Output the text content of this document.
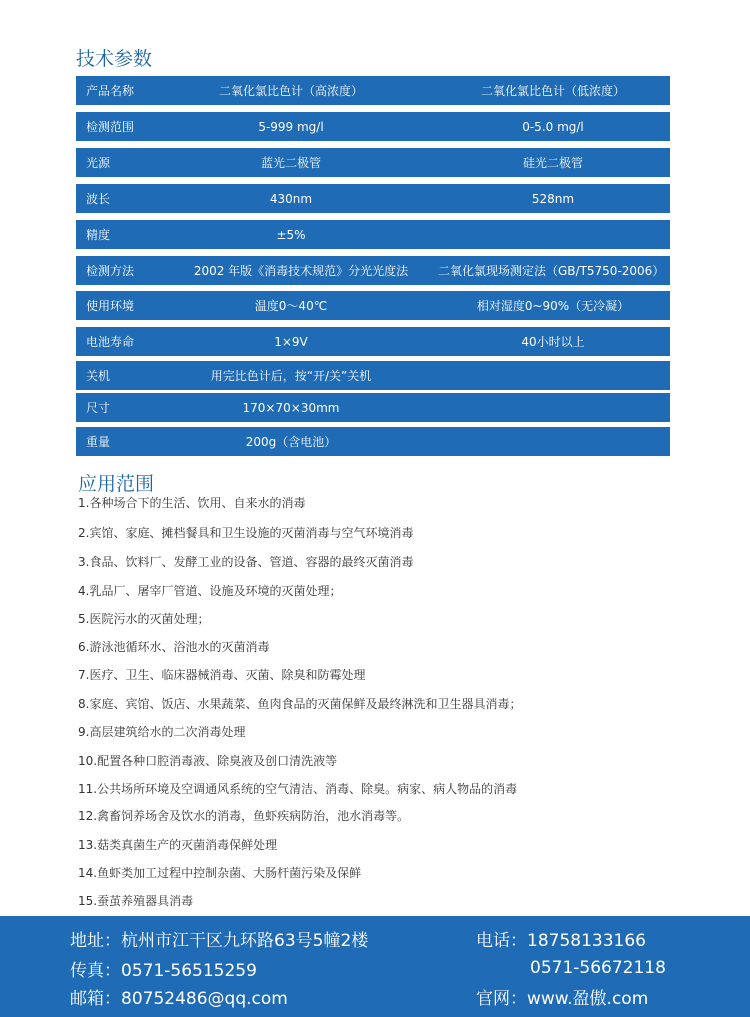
技术参数
产品名称	二氧化氯比色计（高浓度）	二氧化氯比色计（低浓度）
检测范围	5-999 mg/l	0-5.0 mg/l
光源	蓝光二极管	硅光二极管
波长	430nm	528nm
精度	±5%
检测方法	2002 年版《消毒技术规范》分光光度法	二氧化氯现场测定法（GB/T5750-2006）
使用环境	温度0～40℃	相对湿度0~90%（无冷凝）
电池寿命	1×9V	40小时以上
关机	用完比色计后，按“开/关”关机
尺寸	170×70×30mm
重量	200g（含电池）
应用范围
1.各种场合下的生活、饮用、自来水的消毒
2.宾馆、家庭、摊档餐具和卫生设施的灭菌消毒与空气环境消毒
3.食品、饮料厂、发酵工业的设备、管道、容器的最终灭菌消毒
4.乳品厂、屠宰厂管道、设施及环境的灭菌处理；
5.医院污水的灭菌处理；
6.游泳池循环水、浴池水的灭菌消毒
7.医疗、卫生、临床器械消毒、灭菌、除臭和防霉处理
8.家庭、宾馆、饭店、水果蔬菜、鱼肉食品的灭菌保鲜及最终淋洗和卫生器具消毒；
9.高层建筑给水的二次消毒处理
10.配置各种口腔消毒液、除臭液及创口清洗液等
11.公共场所环境及空调通风系统的空气清洁、消毒、除臭。病家、病人物品的消毒
12.禽畜饲养场舍及饮水的消毒，鱼虾疾病防治，池水消毒等。
13.菇类真菌生产的灭菌消毒保鲜处理
14.鱼虾类加工过程中控制杂菌、大肠杆菌污染及保鲜
15.蚕茧养殖器具消毒
地址：杭州市江干区九环路63号5幢2楼	电话：18758133166
传真：0571-56515259	0571-56672118
邮箱：80752486@qq.com	官网：www.盈傲.com
